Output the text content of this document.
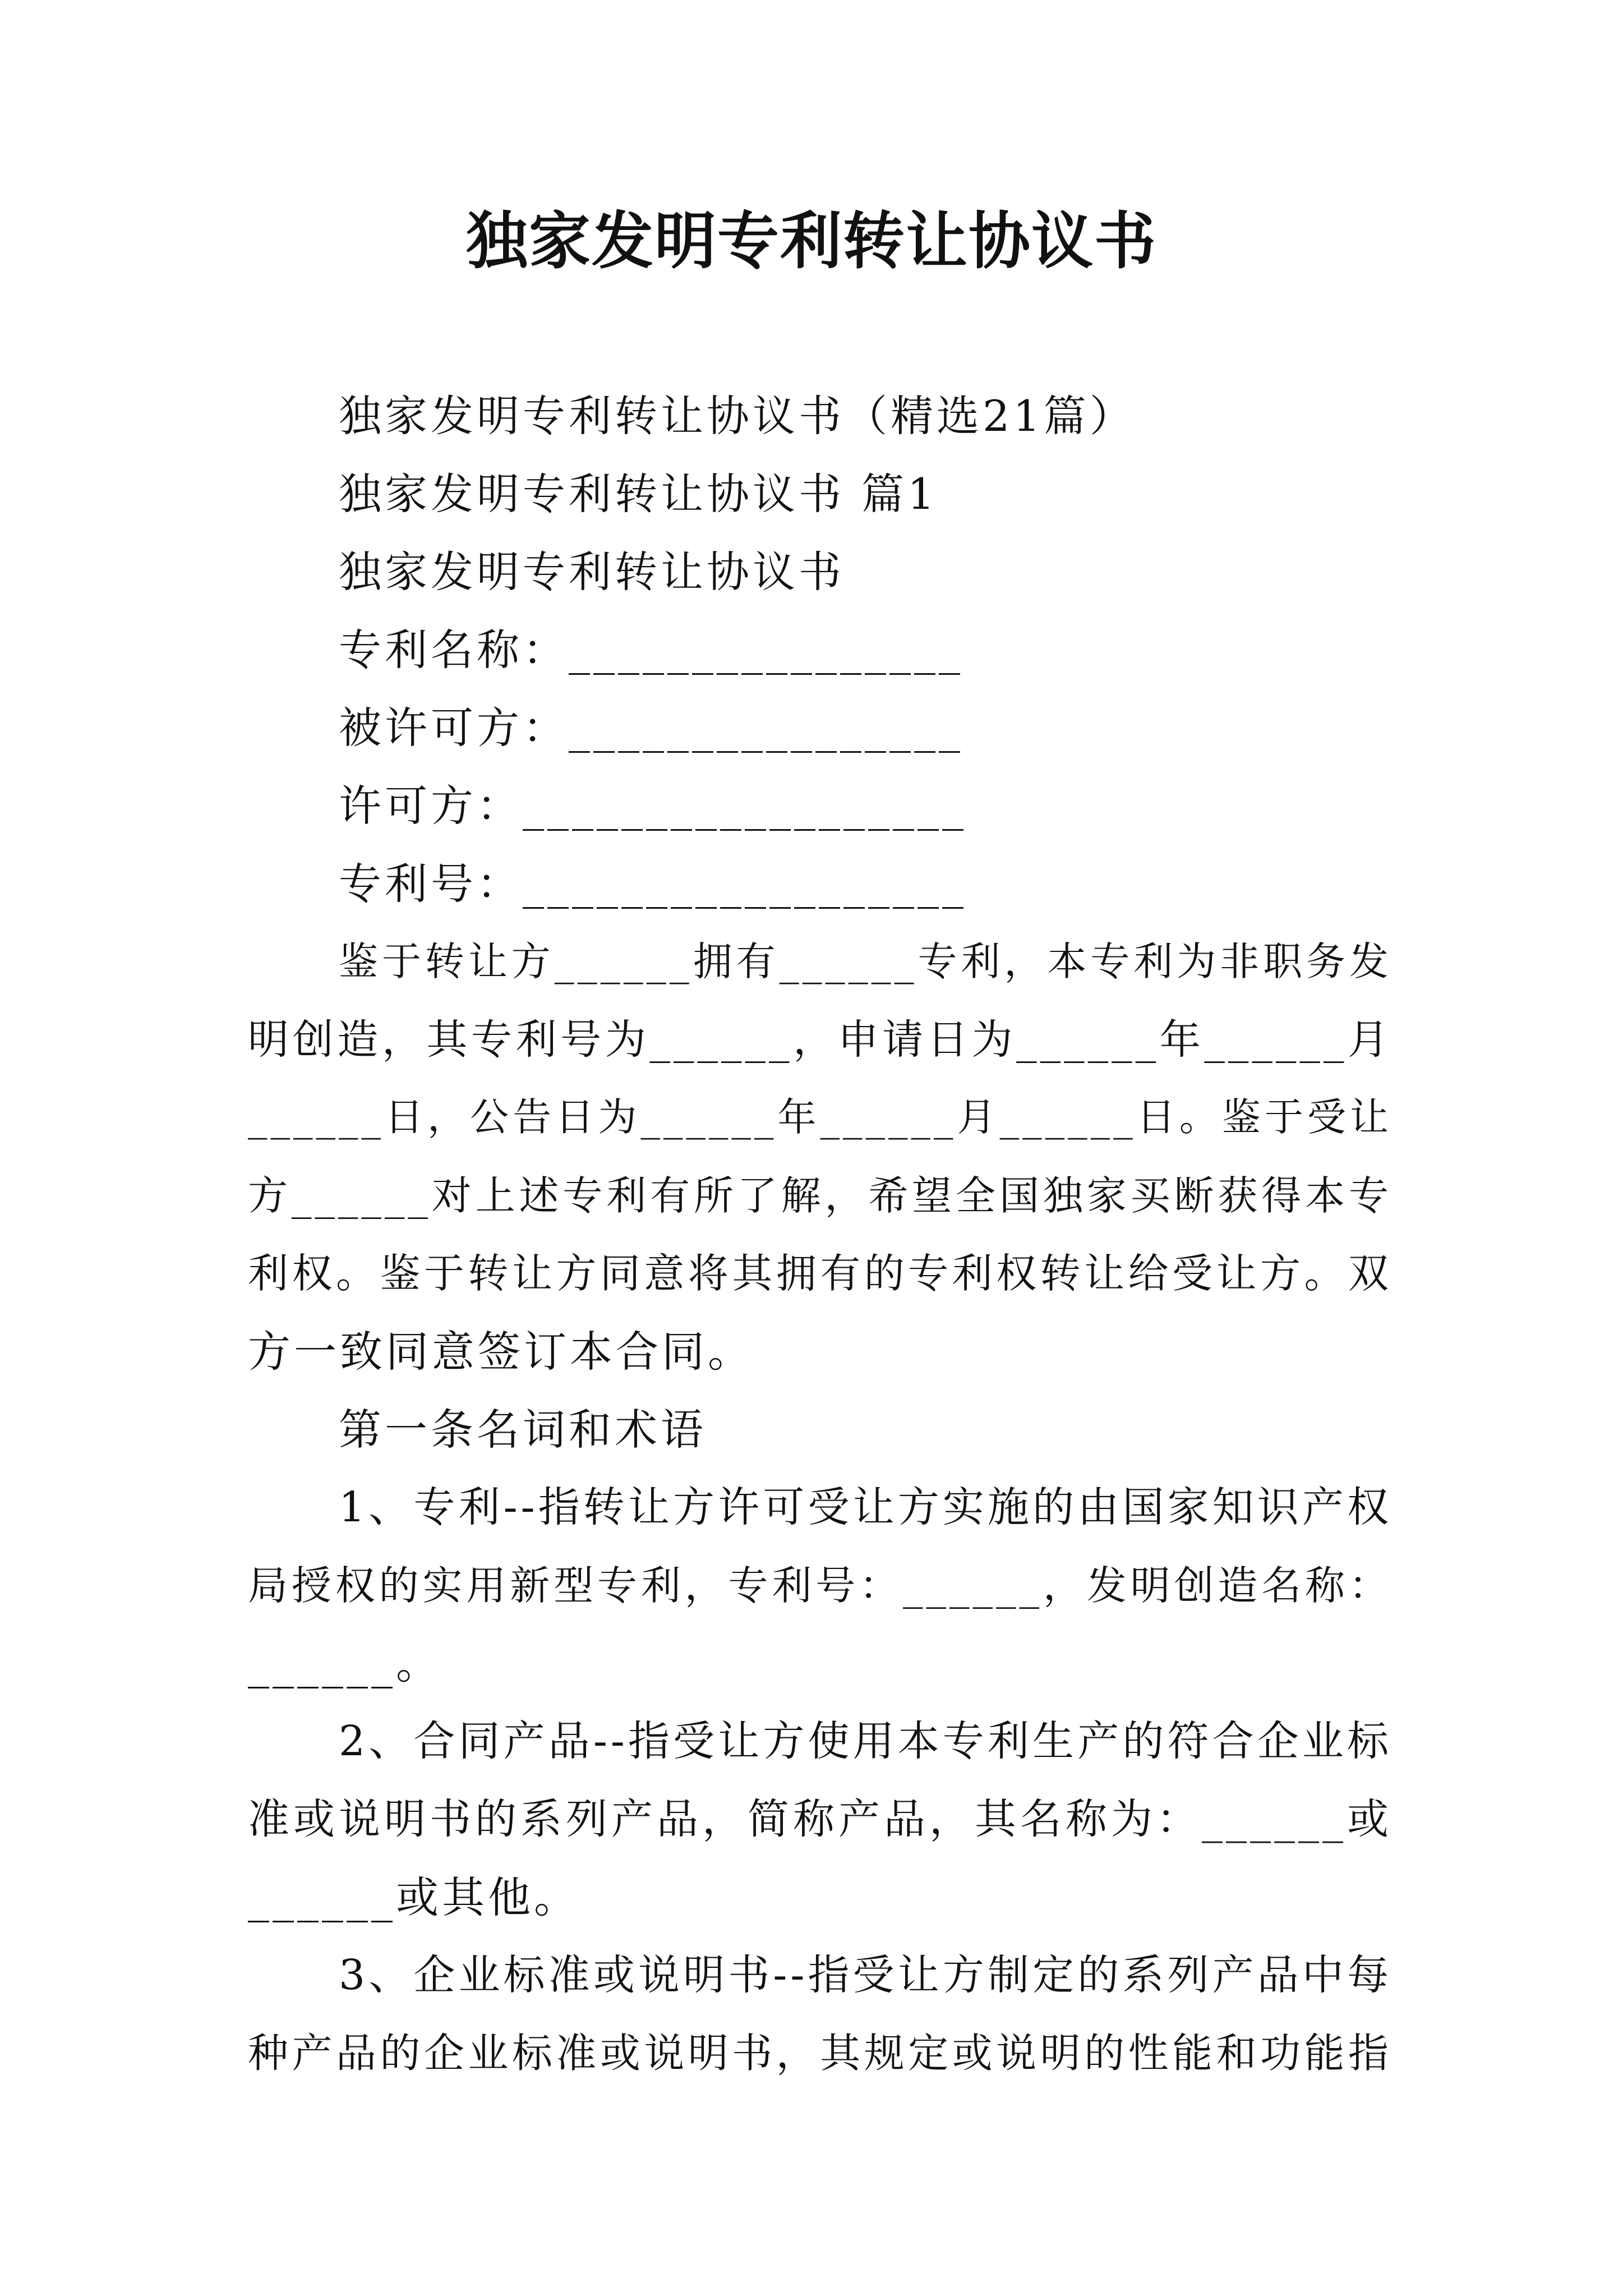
独家发明专利转让协议书

独家发明专利转让协议书（精选21篇）

独家发明专利转让协议书 篇1

独家发明专利转让协议书

专利名称：________________

被许可方：________________

许可方：__________________

专利号：__________________

鉴于转让方______拥有______专利，本专利为非职务发

明创造，其专利号为______，申请日为______年______月

______日，公告日为______年______月______日。鉴于受让

方______对上述专利有所了解，希望全国独家买断获得本专

利权。鉴于转让方同意将其拥有的专利权转让给受让方。双

方一致同意签订本合同。

第一条名词和术语

1、专利--指转让方许可受让方实施的由国家知识产权

局授权的实用新型专利，专利号：______，发明创造名称：

______。

2、合同产品--指受让方使用本专利生产的符合企业标

准或说明书的系列产品，简称产品，其名称为：______或

______或其他。

3、企业标准或说明书--指受让方制定的系列产品中每

种产品的企业标准或说明书，其规定或说明的性能和功能指
